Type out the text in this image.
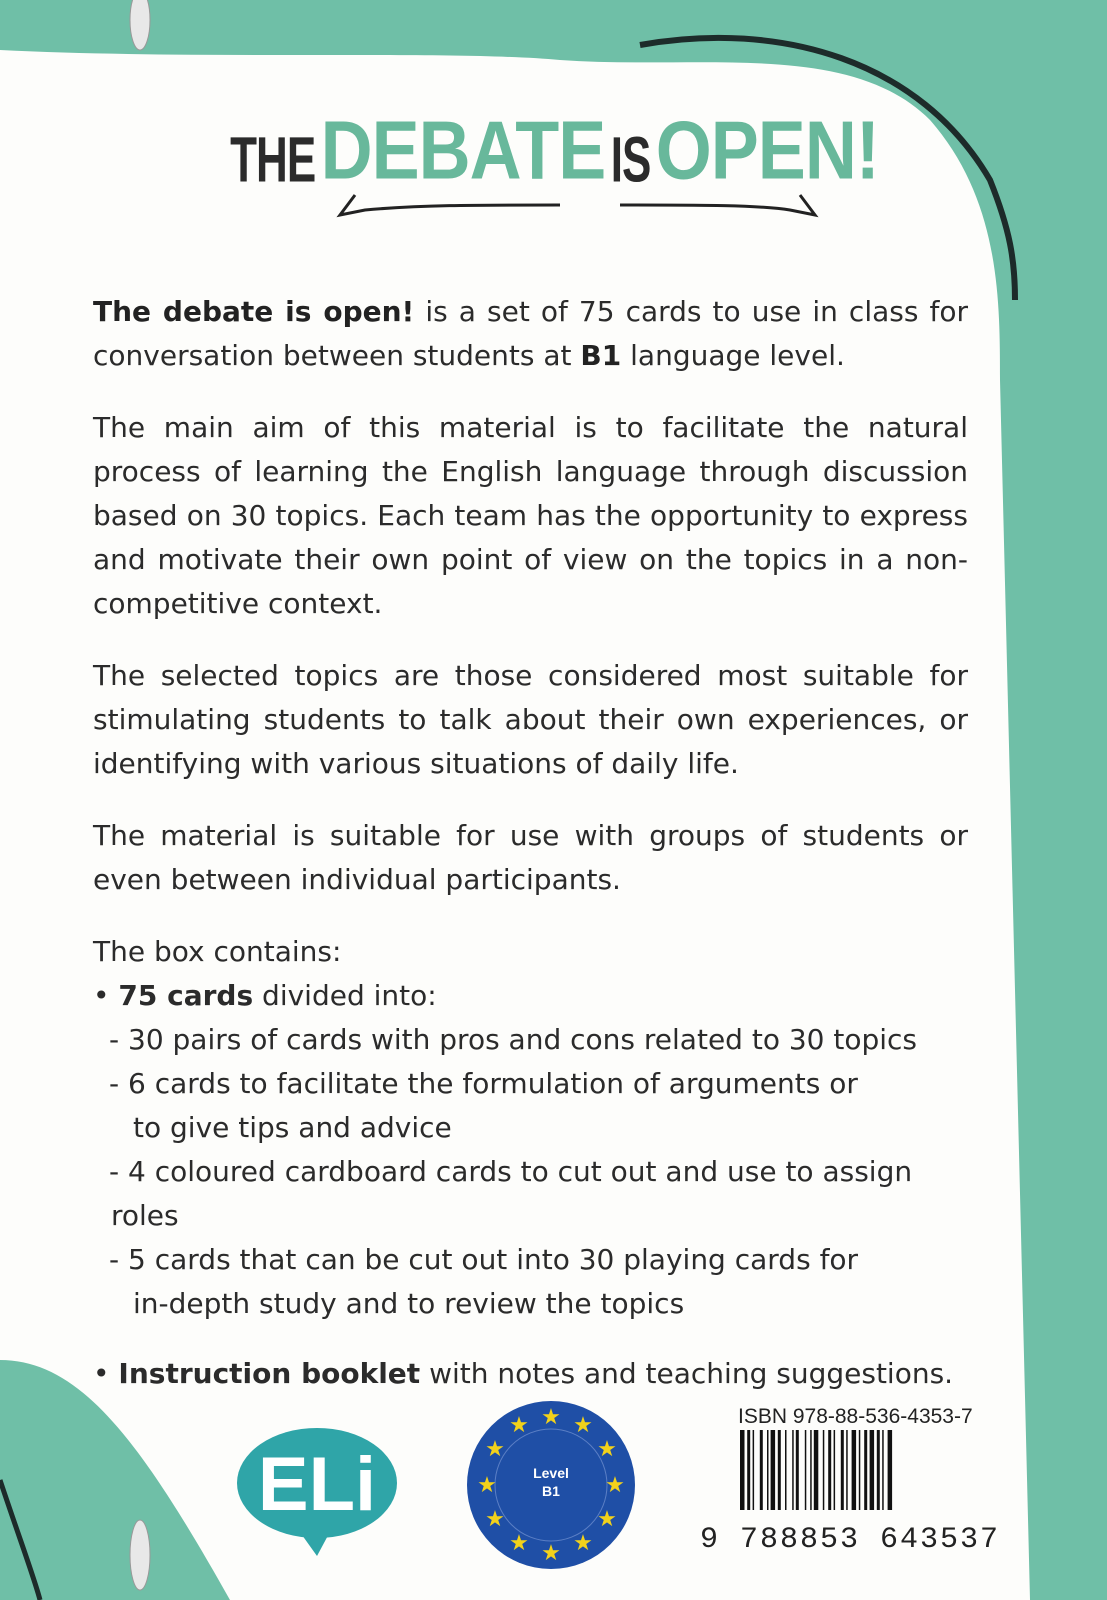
THE DEBATE IS OPEN!

The debate is open! is a set of 75 cards to use in class for conversation between students at B1 language level.

The main aim of this material is to facilitate the natural process of learning the English language through discussion based on 30 topics. Each team has the opportunity to express and motivate their own point of view on the topics in a non-competitive context.

The selected topics are those considered most suitable for stimulating students to talk about their own experiences, or identifying with various situations of daily life.

The material is suitable for use with groups of students or even between individual participants.

The box contains:

• 75 cards divided into:

- 30 pairs of cards with pros and cons related to 30 topics
- 6 cards to facilitate the formulation of arguments or
to give tips and advice
- 4 coloured cardboard cards to cut out and use to assign roles
- 5 cards that can be cut out into 30 playing cards for
in-depth study and to review the topics

• Instruction booklet with notes and teaching suggestions.

ELi
★ ★
★
★
★
★
★
★
★
★
★
★
Level
B1
ISBN 978-88-536-4353-7
9 788853 643537
